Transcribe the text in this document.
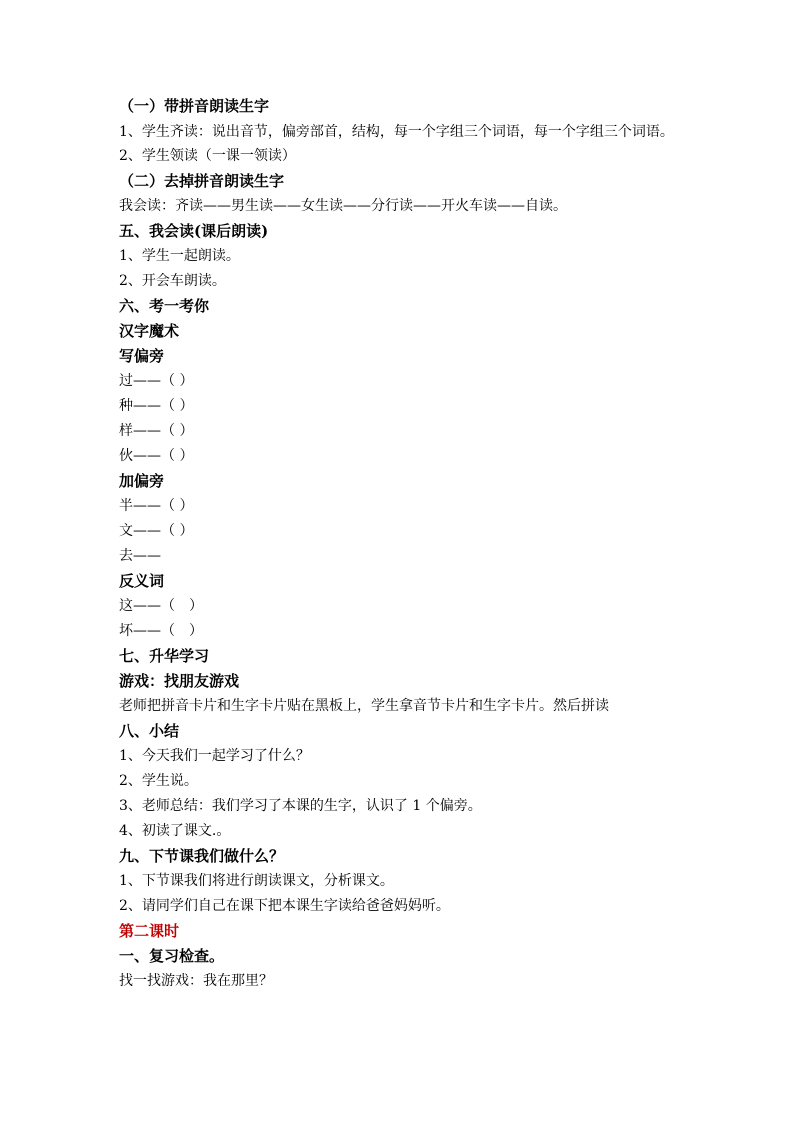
（一）带拼音朗读生字
1、学生齐读：说出音节，偏旁部首，结构，每一个字组三个词语，每一个字组三个词语。
2、学生领读（一课一领读）
（二）去掉拼音朗读生字
我会读：齐读——男生读——女生读——分行读——开火车读——自读。
五、我会读(课后朗读)
1、学生一起朗读。
2、开会车朗读。
六、考一考你
汉字魔术
写偏旁
过——（ ）
种——（ ）
样——（ ）
伙——（ ）
加偏旁
半——（ ）
文——（ ）
去——
反义词
这——（　）
坏——（　）
七、升华学习
游戏：找朋友游戏
老师把拼音卡片和生字卡片贴在黑板上，学生拿音节卡片和生字卡片。然后拼读
八、小结
1、今天我们一起学习了什么？
2、学生说。
3、老师总结：我们学习了本课的生字，认识了 1 个偏旁。
4、初读了课文.。
九、下节课我们做什么？
1、下节课我们将进行朗读课文，分析课文。
2、请同学们自己在课下把本课生字读给爸爸妈妈听。
第二课时
一、复习检查。
找一找游戏：我在那里？
